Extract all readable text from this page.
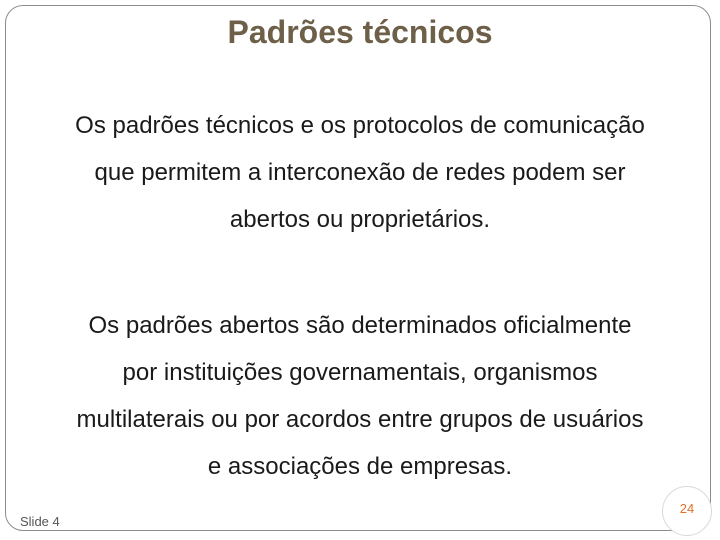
Padrões técnicos
Os padrões técnicos e os protocolos de comunicação
que permitem a interconexão de redes podem ser
abertos ou proprietários.
Os padrões abertos são determinados oficialmente
por instituições governamentais, organismos
multilaterais ou por acordos entre grupos de usuários
e associações de empresas.
Slide 4
24
